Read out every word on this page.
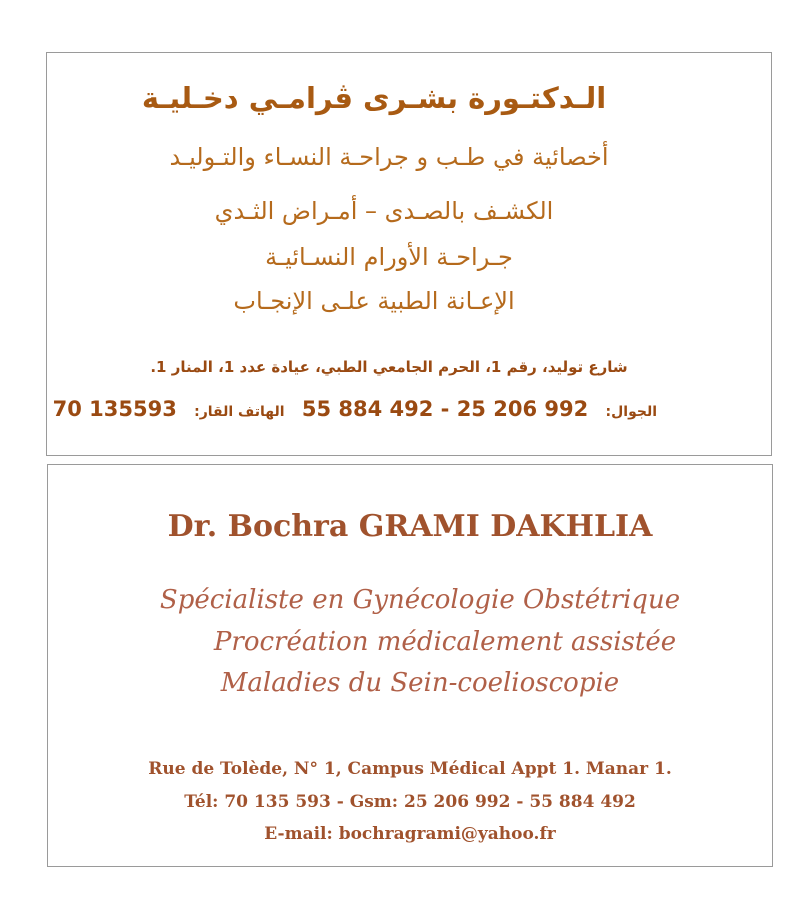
الـدكتـورة بشـرى ڤرامـي دخـليـة
أخصائية في طـب و جراحـة النسـاء والتـوليـد
الكشـف بالصـدى – أمـراض الثـدي
جـراحـة الأورام النسـائيـة
الإعـانة الطبية علـى الإنجـاب
شارع توليد، رقم 1، الحرم الجامعي الطبي، عيادة عدد 1، المنار 1.
الجوال: 55 884 492 - 25 206 992 الهاتف القار: 70 135593
Dr. Bochra GRAMI DAKHLIA
Spécialiste en Gynécologie Obstétrique
Procréation médicalement assistée
Maladies du Sein-coelioscopie
Rue de Tolède, N° 1, Campus Médical Appt 1. Manar 1.
Tél: 70 135 593 - Gsm: 25 206 992 - 55 884 492
E-mail: bochragrami@yahoo.fr
